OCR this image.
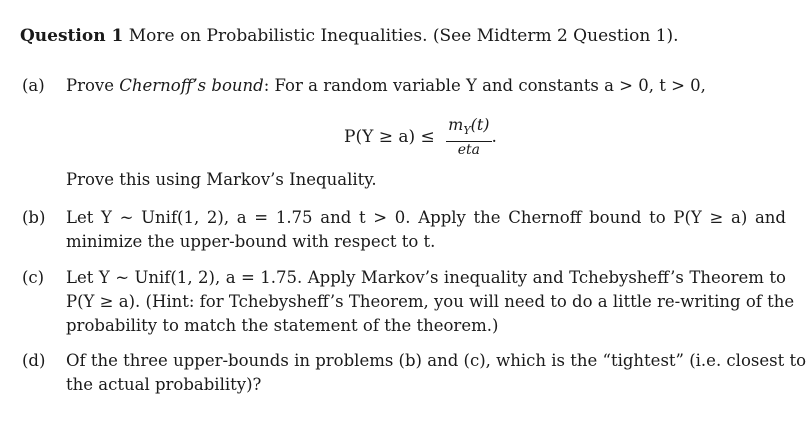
Question 1 More on Probabilistic Inequalities. (See Midterm 2 Question 1).
(a) Prove Chernoff’s bound: For a random variable Y and constants a > 0, t > 0,
$P(Y \ge a) \le \frac{m_Y(t)}{\text{eta}}$ .
Prove this using Markov’s Inequality.
(b) Let Y ~ Unif(1, 2), a = 1.75 and t > 0. Apply the Chernoff bound to P(Y ≥ a) and
minimize the upper-bound with respect to t.
(c) Let Y ~ Unif(1, 2), a = 1.75. Apply Markov’s inequality and Tchebysheff’s Theorem to
P(Y ≥ a). (Hint: for Tchebysheff’s Theorem, you will need to do a little re-writing of the
probability to match the statement of the theorem.)
(d) Of the three upper-bounds in problems (b) and (c), which is the “tightest” (i.e. closest to
the actual probability)?
